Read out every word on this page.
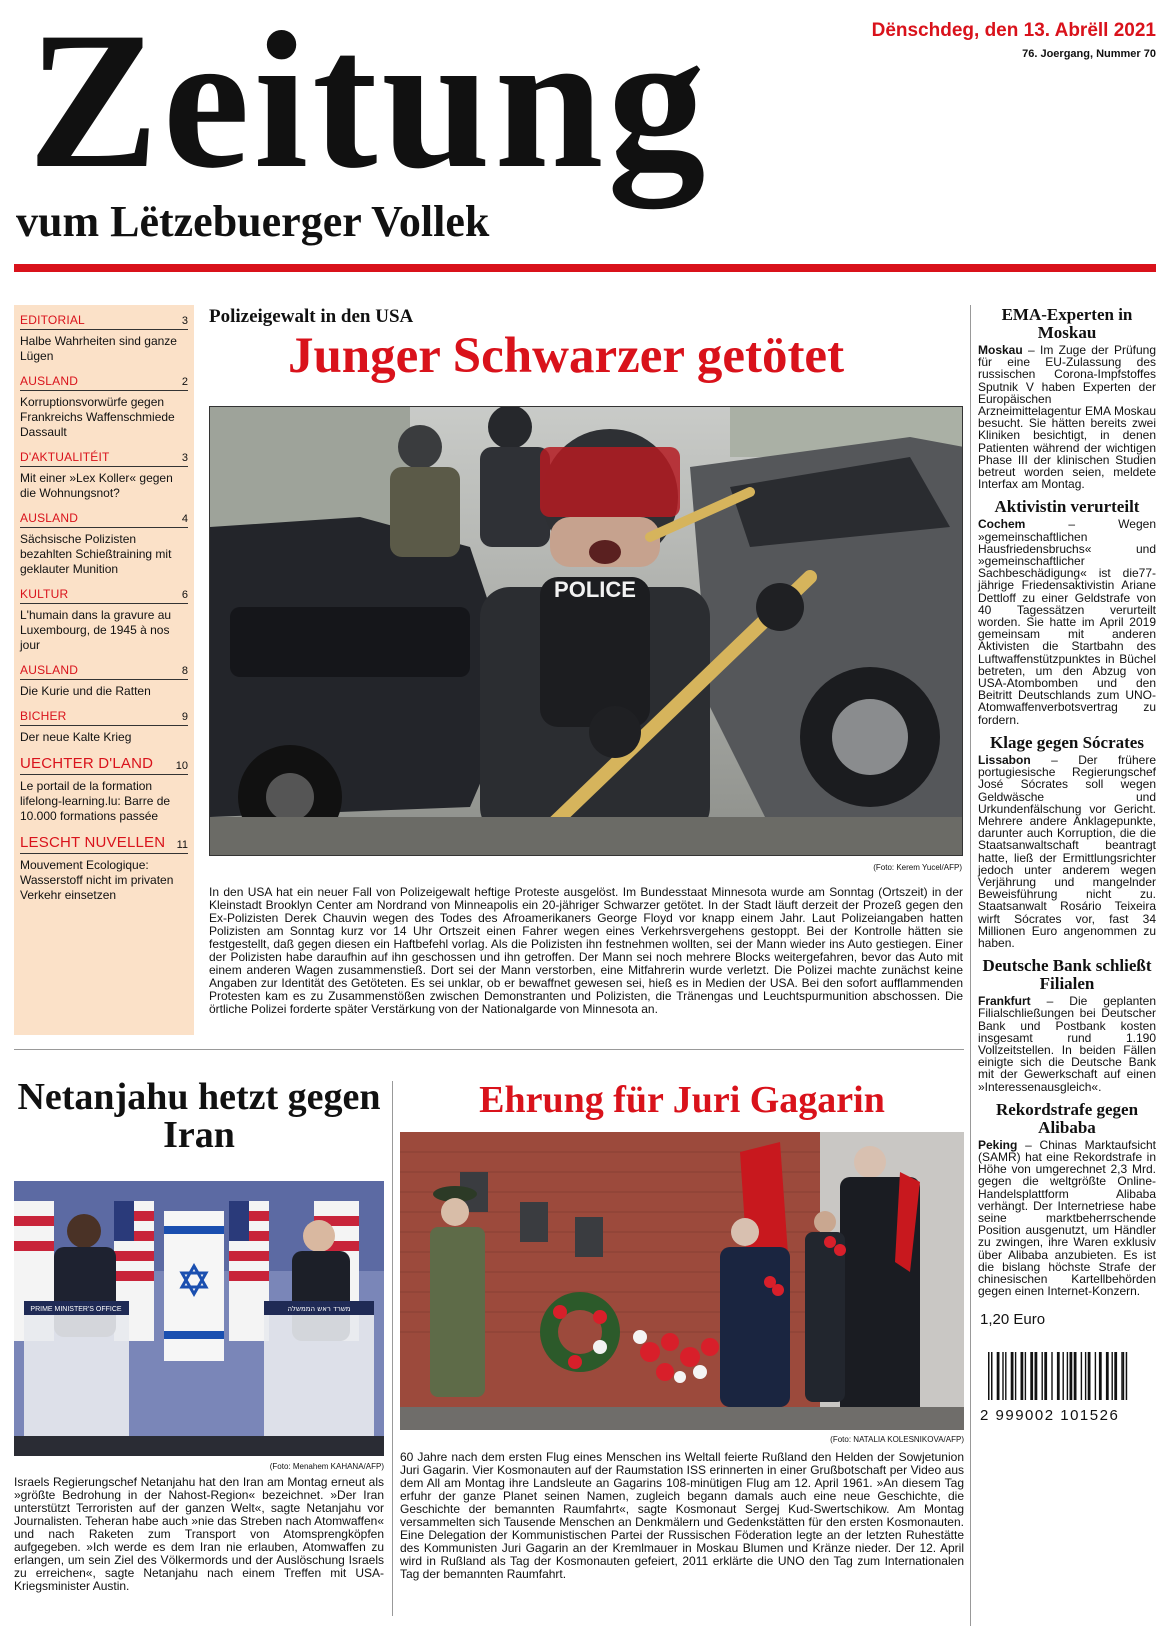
Zeitung
vum Lëtzebuerger Vollek
Dënschdeg, den 13. Abrëll 2021
76. Joergang, Nummer 70
EDITORIAL	3
Halbe Wahrheiten sind ganze Lügen
AUSLAND	2
Korruptionsvorwürfe gegen Frankreichs Waffenschmiede Dassault
D'AKTUALITÉIT	3
Mit einer »Lex Koller« gegen die Wohnungsnot?
AUSLAND	4
Sächsische Polizisten bezahlten Schießtraining mit geklauter Munition
KULTUR	6
L'humain dans la gravure au Luxembourg, de 1945 à nos jour
AUSLAND	8
Die Kurie und die Ratten
BICHER	9
Der neue Kalte Krieg
UECHTER D'LAND 10
Le portail de la formation lifelong-learning.lu: Barre de 10.000 formations passée
LESCHT NUVELLEN 11
Mouvement Ecologique: Wasserstoff nicht im privaten Verkehr einsetzen
Polizeigewalt in den USA
Junger Schwarzer getötet
POLICE
(Foto: Kerem Yucel/AFP)
In den USA hat ein neuer Fall von Polizeigewalt heftige Proteste ausgelöst. Im Bundesstaat Minnesota wurde am Sonntag (Ortszeit) in der Kleinstadt Brooklyn Center am Nordrand von Minneapolis ein 20-jähriger Schwarzer getötet. In der Stadt läuft derzeit der Prozeß gegen den Ex-Polizisten Derek Chauvin wegen des Todes des Afroamerikaners George Floyd vor knapp einem Jahr. Laut Polizeiangaben hatten Polizisten am Sonntag kurz vor 14 Uhr Ortszeit einen Fahrer wegen eines Verkehrsvergehens gestoppt. Bei der Kontrolle hätten sie festgestellt, daß gegen diesen ein Haftbefehl vorlag. Als die Polizisten ihn festnehmen wollten, sei der Mann wieder ins Auto gestiegen. Einer der Polizisten habe daraufhin auf ihn geschossen und ihn getroffen. Der Mann sei noch mehrere Blocks weitergefahren, bevor das Auto mit einem anderen Wagen zusammenstieß. Dort sei der Mann verstorben, eine Mitfahrerin wurde verletzt. Die Polizei machte zunächst keine Angaben zur Identität des Getöteten. Es sei unklar, ob er bewaffnet gewesen sei, hieß es in Medien der USA. Bei den sofort aufflammenden Protesten kam es zu Zusammenstößen zwischen Demonstranten und Polizisten, die Tränengas und Leuchtspurmunition abschossen. Die örtliche Polizei forderte später Verstärkung von der Nationalgarde von Minnesota an.
EMA-Experten in Moskau
Moskau – Im Zuge der Prüfung für eine EU-Zulassung des russischen Corona-Impfstoffes Sputnik V haben Experten der Europäischen Arzneimittelagentur EMA Moskau besucht. Sie hätten bereits zwei Kliniken besichtigt, in denen Patienten während der wichtigen Phase III der klinischen Studien betreut worden seien, meldete Interfax am Montag.
Aktivistin verurteilt
Cochem – Wegen »gemeinschaftlichen Hausfriedensbruchs« und »gemeinschaftlicher Sachbeschädigung« ist die77-jährige Friedensaktivistin Ariane Dettloff zu einer Geldstrafe von 40 Tagessätzen verurteilt worden. Sie hatte im April 2019 gemeinsam mit anderen Aktivisten die Startbahn des Luftwaffenstützpunktes in Büchel betreten, um den Abzug von USA-Atombomben und den Beitritt Deutschlands zum UNO-Atomwaffenverbotsvertrag zu fordern.
Klage gegen Sócrates
Lissabon – Der frühere portugiesische Regierungschef José Sócrates soll wegen Geldwäsche und Urkundenfälschung vor Gericht. Mehrere andere Anklagepunkte, darunter auch Korruption, die die Staatsanwaltschaft beantragt hatte, ließ der Ermittlungsrichter jedoch unter anderem wegen Verjährung und mangelnder Beweisführung nicht zu. Staatsanwalt Rosário Teixeira wirft Sócrates vor, fast 34 Millionen Euro angenommen zu haben.
Deutsche Bank schließt Filialen
Frankfurt – Die geplanten Filialschließungen bei Deutscher Bank und Postbank kosten insgesamt rund 1.190 Vollzeitstellen. In beiden Fällen einigte sich die Deutsche Bank mit der Gewerkschaft auf einen »Interessenausgleich«.
Rekordstrafe gegen Alibaba
Peking – Chinas Marktaufsicht (SAMR) hat eine Rekordstrafe in Höhe von umgerechnet 2,3 Mrd. gegen die weltgrößte Online-Handelsplattform Alibaba verhängt. Der Internetriese habe seine marktbeherrschende Position ausgenutzt, um Händler zu zwingen, ihre Waren exklusiv über Alibaba anzubieten. Es ist die bislang höchste Strafe der chinesischen Kartellbehörden gegen einen Internet-Konzern.
1,20 Euro
2 999002 101526
Netanjahu hetzt gegen Iran
PRIME MINISTER'S OFFICE	משרד ראש הממשלה
(Foto: Menahem KAHANA/AFP)
Israels Regierungschef Netanjahu hat den Iran am Montag erneut als »größte Bedrohung in der Nahost-Region« bezeichnet. »Der Iran unterstützt Terroristen auf der ganzen Welt«, sagte Netanjahu vor Journalisten. Teheran habe auch »nie das Streben nach Atomwaffen« und nach Raketen zum Transport von Atomsprengköpfen aufgegeben. »Ich werde es dem Iran nie erlauben, Atomwaffen zu erlangen, um sein Ziel des Völkermords und der Auslöschung Israels zu erreichen«, sagte Netanjahu nach einem Treffen mit USA-Kriegsminister Austin.
Ehrung für Juri Gagarin
(Foto: NATALIA KOLESNIKOVA/AFP)
60 Jahre nach dem ersten Flug eines Menschen ins Weltall feierte Rußland den Helden der Sowjetunion Juri Gagarin. Vier Kosmonauten auf der Raumstation ISS erinnerten in einer Grußbotschaft per Video aus dem All am Montag ihre Landsleute an Gagarins 108-minütigen Flug am 12. April 1961. »An diesem Tag erfuhr der ganze Planet seinen Namen, zugleich begann damals auch eine neue Geschichte, die Geschichte der bemannten Raumfahrt«, sagte Kosmonaut Sergej Kud-Swertschikow. Am Montag versammelten sich Tausende Menschen an Denkmälern und Gedenkstätten für den ersten Kosmonauten. Eine Delegation der Kommunistischen Partei der Russischen Föderation legte an der letzten Ruhestätte des Kommunisten Juri Gagarin an der Kremlmauer in Moskau Blumen und Kränze nieder. Der 12. April wird in Rußland als Tag der Kosmonauten gefeiert, 2011 erklärte die UNO den Tag zum Internationalen Tag der bemannten Raumfahrt.
